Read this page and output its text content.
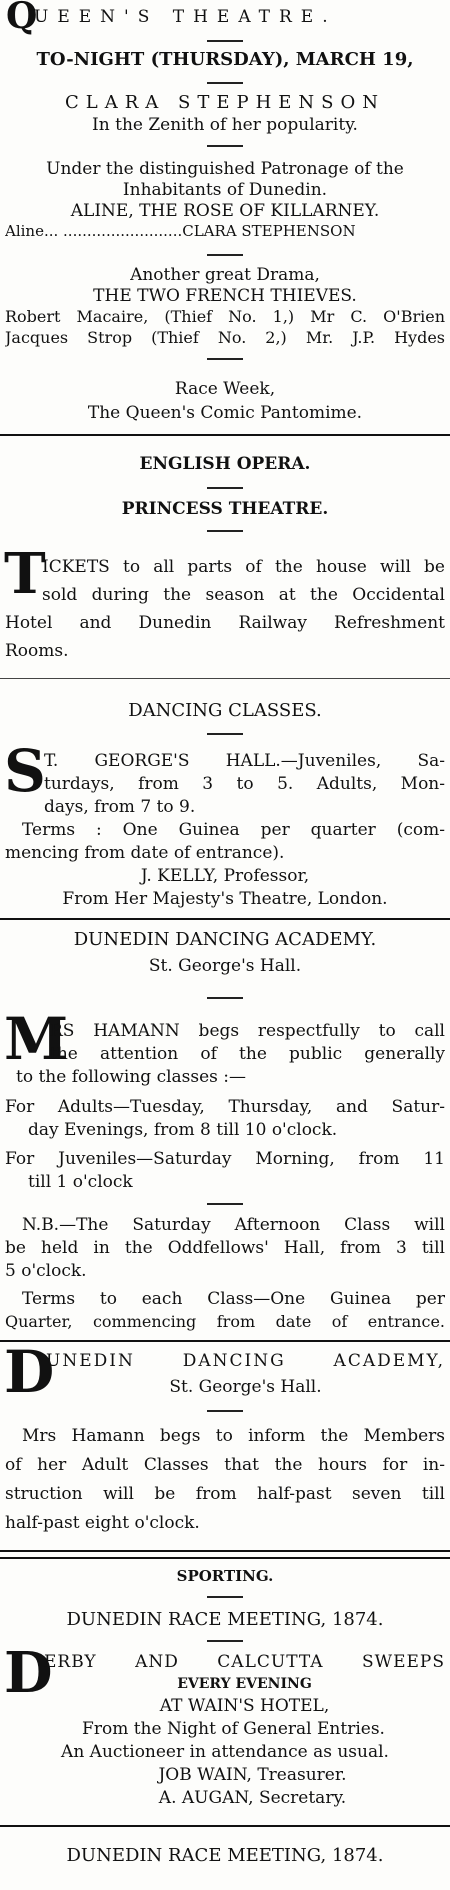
Q

UEEN'S THEATRE.

TO-NIGHT (THURSDAY), MARCH 19,

CLARA STEPHENSON

In the Zenith of her popularity.

Under the distinguished Patronage of the

Inhabitants of Dunedin.

ALINE, THE ROSE OF KILLARNEY.

Aline... .........................CLARA STEPHENSON

Another great Drama,

THE TWO FRENCH THIEVES.

Robert Macaire, (Thief No. 1,) Mr C. O'Brien

Jacques Strop (Thief No. 2,) Mr. J.P. Hydes

Race Week,

The Queen's Comic Pantomime.

ENGLISH OPERA.

PRINCESS THEATRE.

T

ICKETS to all parts of the house will be

sold during the season at the Occidental

Hotel and Dunedin Railway Refreshment

Rooms.

DANCING CLASSES.

S

T. GEORGE'S HALL.—Juveniles, Sa-

turdays, from 3 to 5. Adults, Mon-

days, from 7 to 9.

Terms : One Guinea per quarter (com-

mencing from date of entrance).

J. KELLY, Professor,

From Her Majesty's Theatre, London.

DUNEDIN DANCING ACADEMY.

St. George's Hall.

M

RS HAMANN begs respectfully to call

the attention of the public generally

to the following classes :—

For Adults—Tuesday, Thursday, and Satur-

day Evenings, from 8 till 10 o'clock.

For Juveniles—Saturday Morning, from 11

till 1 o'clock

N.B.—The Saturday Afternoon Class will

be held in the Oddfellows' Hall, from 3 till

5 o'clock.

Terms to each Class—One Guinea per

Quarter, commencing from date of entrance.

D

UNEDIN DANCING ACADEMY,

St. George's Hall.

Mrs Hamann begs to inform the Members

of her Adult Classes that the hours for in-

struction will be from half-past seven till

half-past eight o'clock.

SPORTING.

DUNEDIN RACE MEETING, 1874.

D

ERBY AND CALCUTTA SWEEPS

EVERY EVENING

AT WAIN'S HOTEL,

From the Night of General Entries.

An Auctioneer in attendance as usual.

JOB WAIN, Treasurer.

A. AUGAN, Secretary.

DUNEDIN RACE MEETING, 1874.
